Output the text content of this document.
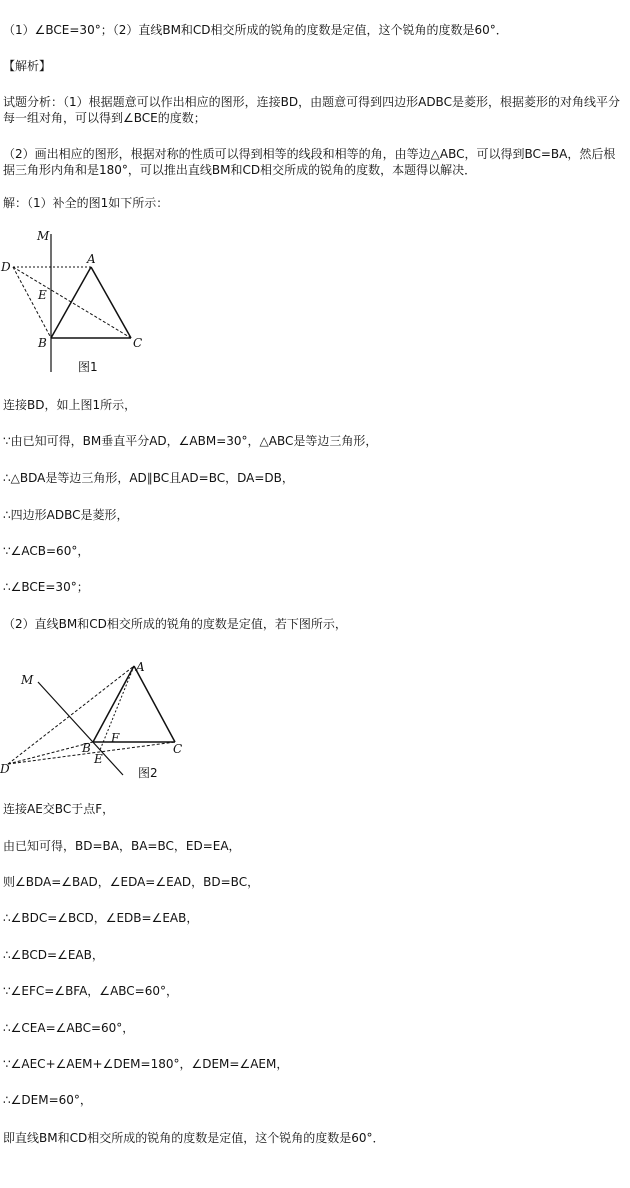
（1）∠BCE=30°；（2）直线BM和CD相交所成的锐角的度数是定值，这个锐角的度数是60°．
【解析】
试题分析：（1）根据题意可以作出相应的图形，连接BD，由题意可得到四边形ADBC是菱形，根据菱形的对角线平分每一组对角，可以得到∠BCE的度数；
（2）画出相应的图形，根据对称的性质可以得到相等的线段和相等的角，由等边△ABC，可以得到BC=BA，然后根据三角形内角和是180°，可以推出直线BM和CD相交所成的锐角的度数，本题得以解决．
解：（1）补全的图1如下所示：
M
D
A
E
B	C
图1
连接BD，如上图1所示，
∵由已知可得，BM垂直平分AD，∠ABM=30°，△ABC是等边三角形，
∴△BDA是等边三角形，AD∥BC且AD=BC，DA=DB，
∴四边形ADBC是菱形，
∵∠ACB=60°，
∴∠BCE=30°；
（2）直线BM和CD相交所成的锐角的度数是定值，若下图所示，
M
A
B
F
C
D
E
图2
连接AE交BC于点F，
由已知可得，BD=BA，BA=BC，ED=EA，
则∠BDA=∠BAD，∠EDA=∠EAD，BD=BC，
∴∠BDC=∠BCD，∠EDB=∠EAB，
∴∠BCD=∠EAB，
∵∠EFC=∠BFA，∠ABC=60°，
∴∠CEA=∠ABC=60°，
∵∠AEC+∠AEM+∠DEM=180°，∠DEM=∠AEM，
∴∠DEM=60°，
即直线BM和CD相交所成的锐角的度数是定值，这个锐角的度数是60°．
